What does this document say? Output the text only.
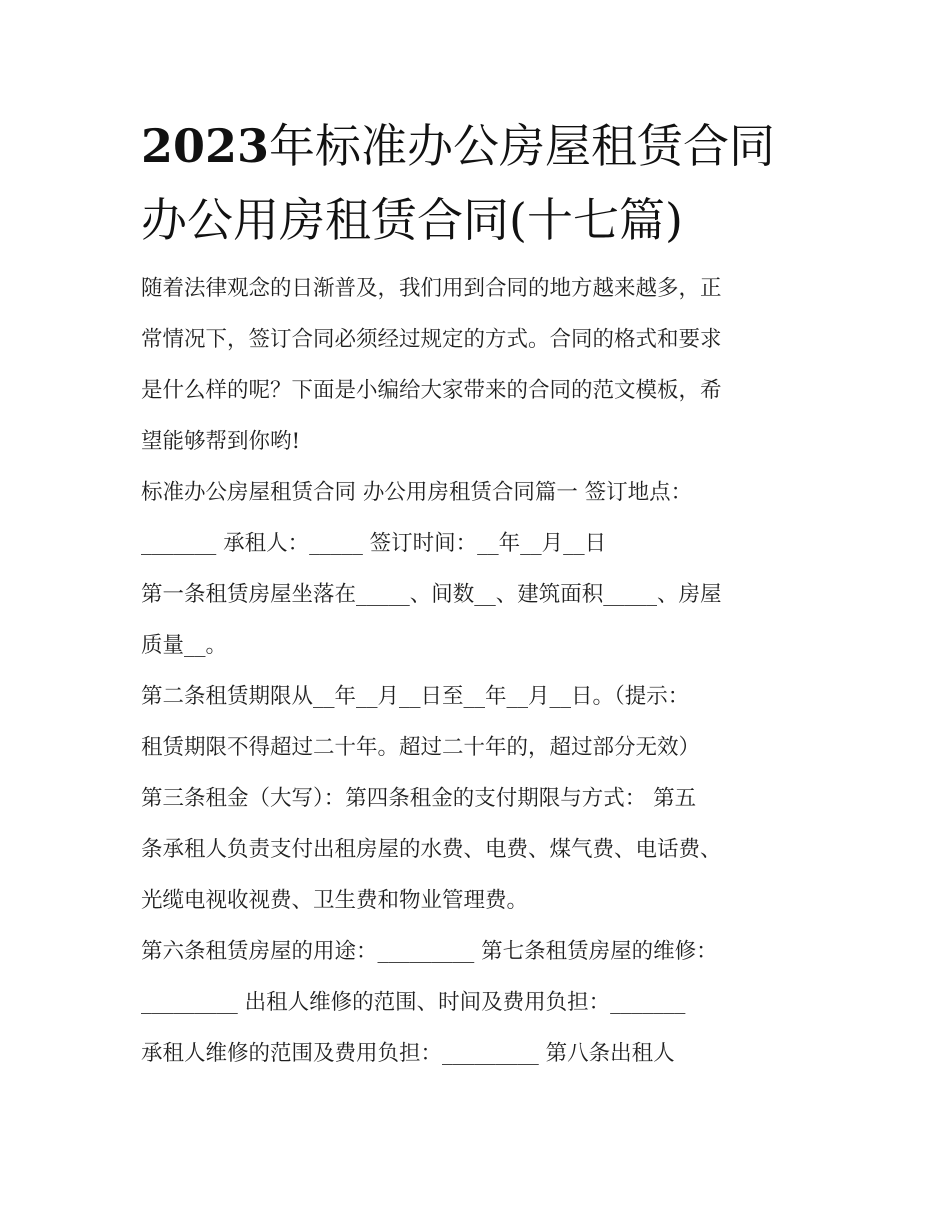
2023年标准办公房屋租赁合同
办公用房租赁合同(十七篇)

随着法律观念的日渐普及，我们用到合同的地方越来越多，正
常情况下，签订合同必须经过规定的方式。合同的格式和要求
是什么样的呢？下面是小编给大家带来的合同的范文模板，希
望能够帮到你哟!

标准办公房屋租赁合同 办公用房租赁合同篇一 签订地点：
_______ 承租人：_____ 签订时间：__年__月__日

第一条租赁房屋坐落在_____、间数__、建筑面积_____、房屋
质量__。

第二条租赁期限从__年__月__日至__年__月__日。（提示：
租赁期限不得超过二十年。超过二十年的，超过部分无效）

第三条租金（大写）：第四条租金的支付期限与方式： 第五
条承租人负责支付出租房屋的水费、电费、煤气费、电话费、
光缆电视收视费、卫生费和物业管理费。

第六条租赁房屋的用途：_________ 第七条租赁房屋的维修：
_________ 出租人维修的范围、时间及费用负担：_______
承租人维修的范围及费用负担：_________ 第八条出租人
